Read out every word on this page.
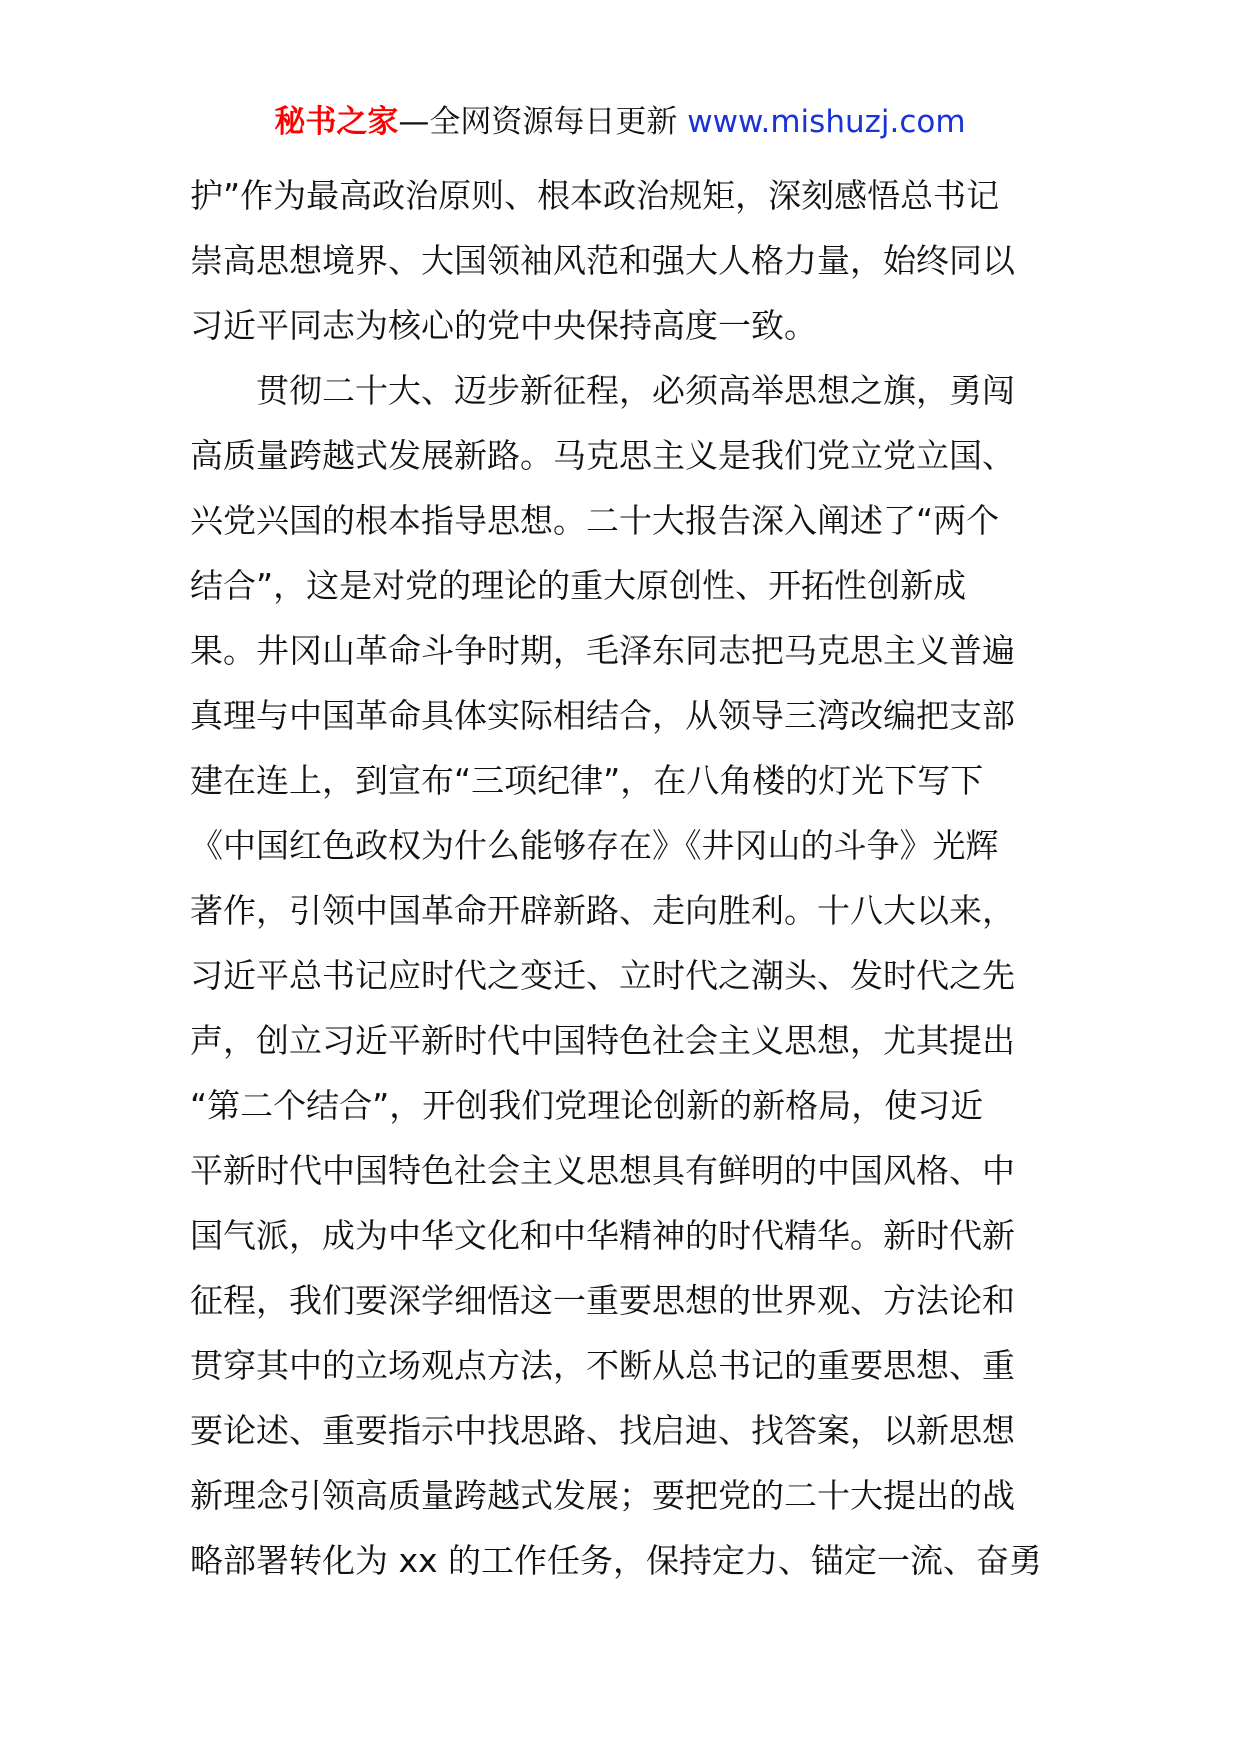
秘书之家—全网资源每日更新 www.mishuzj.com
护”作为最高政治原则、根本政治规矩，深刻感悟总书记
崇高思想境界、大国领袖风范和强大人格力量，始终同以
习近平同志为核心的党中央保持高度一致。
贯彻二十大、迈步新征程，必须高举思想之旗，勇闯
高质量跨越式发展新路。马克思主义是我们党立党立国、
兴党兴国的根本指导思想。二十大报告深入阐述了“两个
结合”，这是对党的理论的重大原创性、开拓性创新成
果。井冈山革命斗争时期，毛泽东同志把马克思主义普遍
真理与中国革命具体实际相结合，从领导三湾改编把支部
建在连上，到宣布“三项纪律”，在八角楼的灯光下写下
《中国红色政权为什么能够存在》《井冈山的斗争》光辉
著作，引领中国革命开辟新路、走向胜利。十八大以来，
习近平总书记应时代之变迁、立时代之潮头、发时代之先
声，创立习近平新时代中国特色社会主义思想，尤其提出
“第二个结合”，开创我们党理论创新的新格局，使习近
平新时代中国特色社会主义思想具有鲜明的中国风格、中
国气派，成为中华文化和中华精神的时代精华。新时代新
征程，我们要深学细悟这一重要思想的世界观、方法论和
贯穿其中的立场观点方法，不断从总书记的重要思想、重
要论述、重要指示中找思路、找启迪、找答案，以新思想
新理念引领高质量跨越式发展；要把党的二十大提出的战
略部署转化为 xx 的工作任务，保持定力、锚定一流、奋勇
